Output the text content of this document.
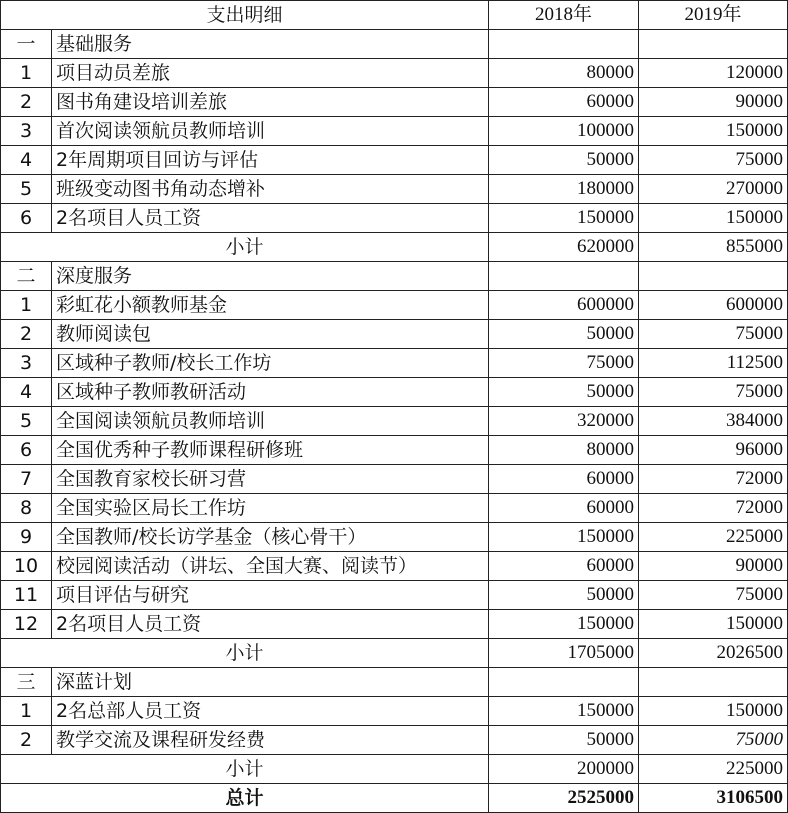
支出明细		2018年	2019年
一	基础服务		
1	项目动员差旅	80000	120000
2	图书角建设培训差旅	60000	90000
3	首次阅读领航员教师培训	100000	150000
4	2年周期项目回访与评估	50000	75000
5	班级变动图书角动态增补	180000	270000
6	2名项目人员工资	150000	150000
小计		620000	855000
二	深度服务		
1	彩虹花小额教师基金	600000	600000
2	教师阅读包	50000	75000
3	区域种子教师/校长工作坊	75000	112500
4	区域种子教师教研活动	50000	75000
5	全国阅读领航员教师培训	320000	384000
6	全国优秀种子教师课程研修班	80000	96000
7	全国教育家校长研习营	60000	72000
8	全国实验区局长工作坊	60000	72000
9	全国教师/校长访学基金（核心骨干）	150000	225000
10	校园阅读活动（讲坛、全国大赛、阅读节）	60000	90000
11	项目评估与研究	50000	75000
12	2名项目人员工资	150000	150000
小计		1705000	2026500
三	深蓝计划		
1	2名总部人员工资	150000	150000
2	教学交流及课程研发经费	50000	75000
小计		200000	225000
总计		2525000	3106500
